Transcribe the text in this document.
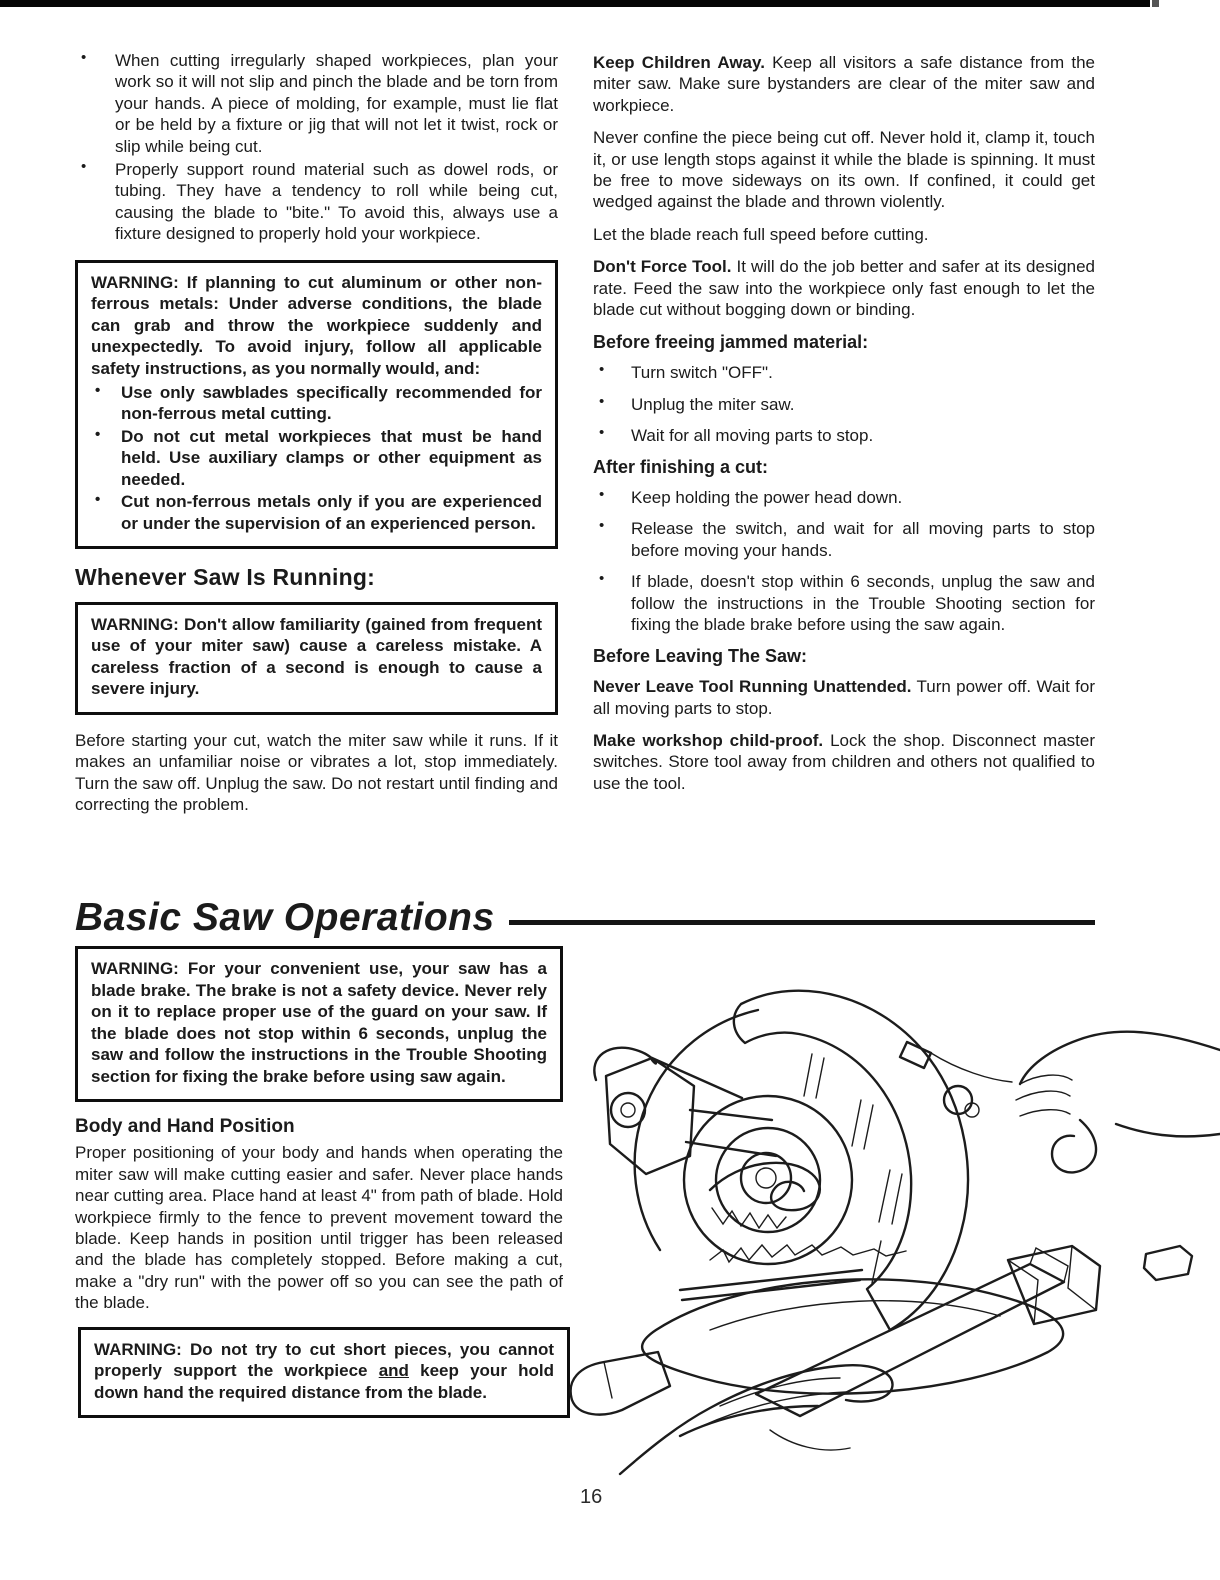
• When cutting irregularly shaped workpieces, plan your work so it will not slip and pinch the blade and be torn from your hands. A piece of molding, for example, must lie flat or be held by a fixture or jig that will not let it twist, rock or slip while being cut.
• Properly support round material such as dowel rods, or tubing. They have a tendency to roll while being cut, causing the blade to "bite." To avoid this, always use a fixture designed to properly hold your workpiece.

WARNING: If planning to cut aluminum or other non-ferrous metals: Under adverse conditions, the blade can grab and throw the workpiece suddenly and unexpectedly. To avoid injury, follow all applicable safety instructions, as you normally would, and:

• Use only sawblades specifically recommended for non-ferrous metal cutting.
• Do not cut metal workpieces that must be hand held. Use auxiliary clamps or other equipment as needed.
• Cut non-ferrous metals only if you are experienced or under the supervision of an experienced person.
Whenever Saw Is Running:

WARNING: Don't allow familiarity (gained from frequent use of your miter saw) cause a careless mistake. A careless fraction of a second is enough to cause a severe injury.

Before starting your cut, watch the miter saw while it runs. If it makes an unfamiliar noise or vibrates a lot, stop immediately. Turn the saw off. Unplug the saw. Do not restart until finding and correcting the problem.

Basic Saw Operations

WARNING: For your convenient use, your saw has a blade brake. The brake is not a safety device. Never rely on it to replace proper use of the guard on your saw. If the blade does not stop within 6 seconds, unplug the saw and follow the instructions in the Trouble Shooting section for fixing the brake before using saw again.

Body and Hand Position

Proper positioning of your body and hands when operating the miter saw will make cutting easier and safer. Never place hands near cutting area. Place hand at least 4" from path of blade. Hold workpiece firmly to the fence to prevent movement toward the blade. Keep hands in position until trigger has been released and the blade has completely stopped. Before making a cut, make a "dry run" with the power off so you can see the path of the blade.

WARNING: Do not try to cut short pieces, you cannot properly support the workpiece and keep your hold down hand the required distance from the blade.

Keep Children Away. Keep all visitors a safe distance from the miter saw. Make sure bystanders are clear of the miter saw and workpiece.

Never confine the piece being cut off. Never hold it, clamp it, touch it, or use length stops against it while the blade is spinning. It must be free to move sideways on its own. If confined, it could get wedged against the blade and thrown violently.

Let the blade reach full speed before cutting.

Don't Force Tool. It will do the job better and safer at its designed rate. Feed the saw into the workpiece only fast enough to let the blade cut without bogging down or binding.

Before freeing jammed material:
• Turn switch "OFF".
• Unplug the miter saw.
• Wait for all moving parts to stop.
After finishing a cut:
• Keep holding the power head down.
• Release the switch, and wait for all moving parts to stop before moving your hands.
• If blade, doesn't stop within 6 seconds, unplug the saw and follow the instructions in the Trouble Shooting section for fixing the blade brake before using the saw again.
Before Leaving The Saw:

Never Leave Tool Running Unattended. Turn power off. Wait for all moving parts to stop.

Make workshop child-proof. Lock the shop. Disconnect master switches. Store tool away from children and others not qualified to use the tool.

16
